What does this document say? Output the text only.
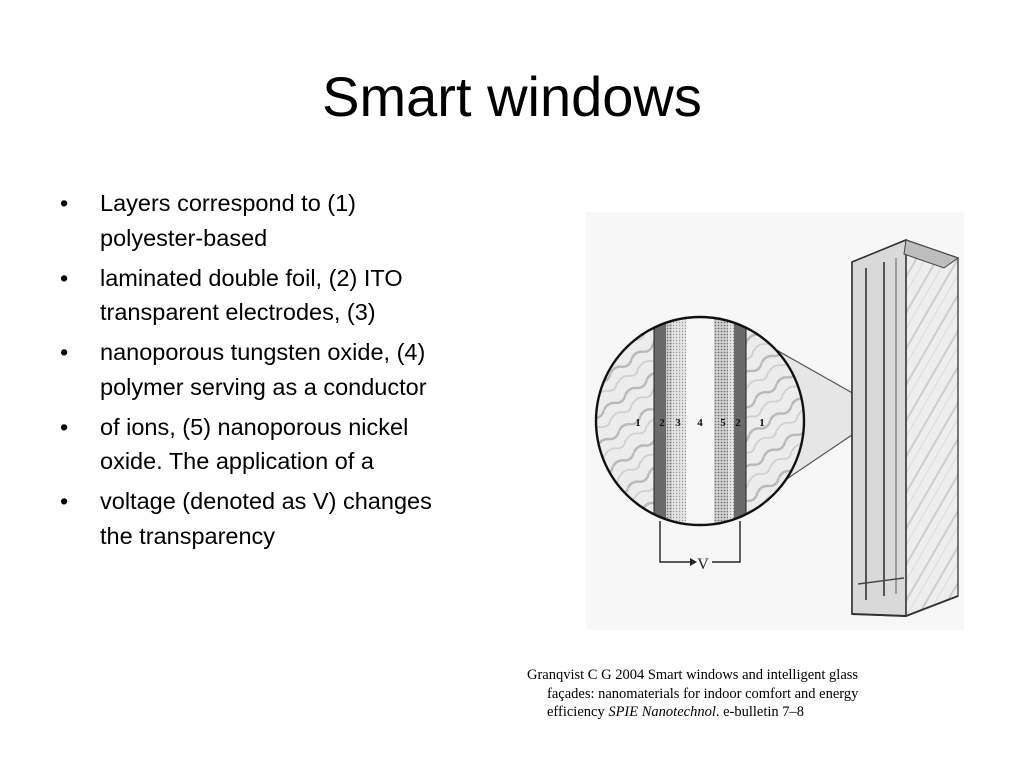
Smart windows
• Layers correspond to (1) polyester-based
• laminated double foil, (2) ITO transparent electrodes, (3)
• nanoporous tungsten oxide, (4) polymer serving as a conductor
• of ions, (5) nanoporous nickel oxide. The application of a
• voltage (denoted as V) changes the transparency
1 2 3 4 5 2 1
V
Granqvist C G 2004 Smart windows and intelligent glass
façades: nanomaterials for indoor comfort and energy
efficiency SPIE Nanotechnol. e-bulletin 7–8
